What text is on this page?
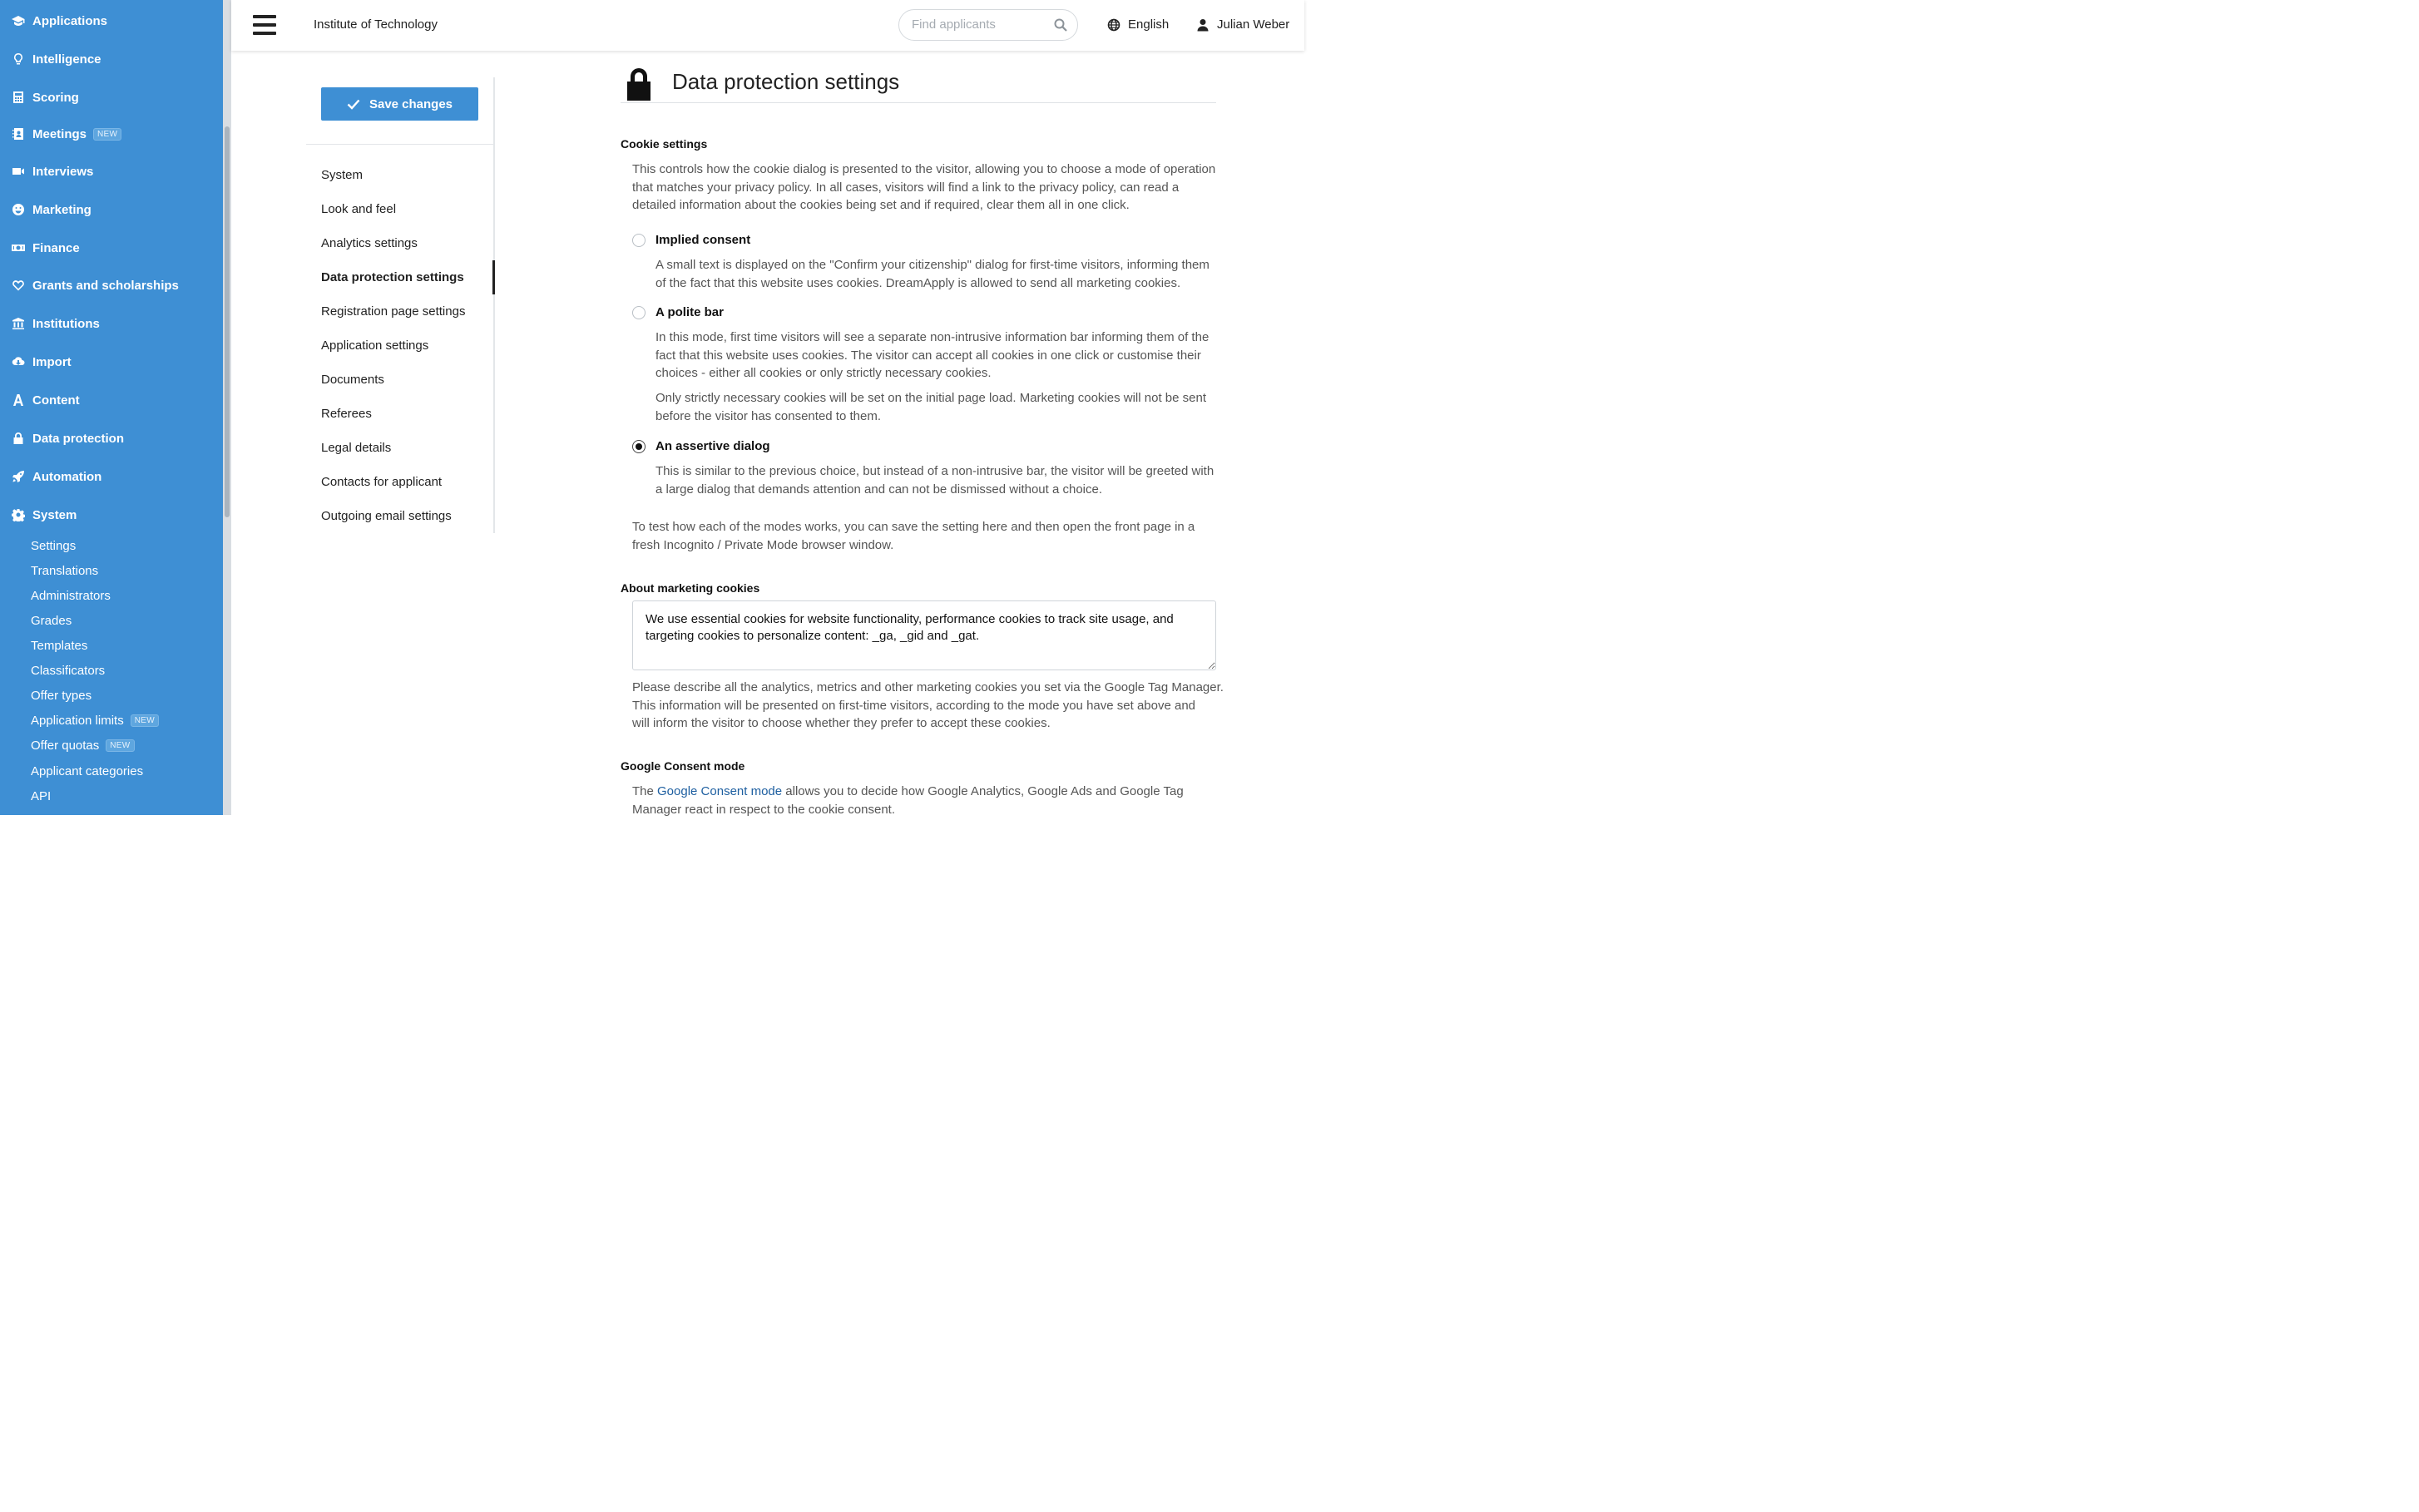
Applications
Intelligence
Scoring
Meetings	NEW
Interviews
Marketing
Finance
Grants and scholarships
Institutions
Import
Content
Data protection
Automation
System
Settings
Translations
Administrators
Grades
Templates
Classificators
Offer types
Application limits	NEW
Offer quotas	NEW
Applicant categories
API
Institute of Technology
Find applicants	English	Julian Weber
Save changes
System
Look and feel
Analytics settings
Data protection settings
Registration page settings
Application settings
Documents
Referees
Legal details
Contacts for applicant
Outgoing email settings
Data protection settings
Cookie settings
This controls how the cookie dialog is presented to the visitor, allowing you to choose a mode of operation
that matches your privacy policy. In all cases, visitors will find a link to the privacy policy, can read a
detailed information about the cookies being set and if required, clear them all in one click.
Implied consent
A small text is displayed on the "Confirm your citizenship" dialog for first-time visitors, informing them
of the fact that this website uses cookies. DreamApply is allowed to send all marketing cookies.
A polite bar
In this mode, first time visitors will see a separate non-intrusive information bar informing them of the
fact that this website uses cookies. The visitor can accept all cookies in one click or customise their
choices - either all cookies or only strictly necessary cookies.
Only strictly necessary cookies will be set on the initial page load. Marketing cookies will not be sent
before the visitor has consented to them.
An assertive dialog
This is similar to the previous choice, but instead of a non-intrusive bar, the visitor will be greeted with
a large dialog that demands attention and can not be dismissed without a choice.
To test how each of the modes works, you can save the setting here and then open the front page in a
fresh Incognito / Private Mode browser window.
About marketing cookies
We use essential cookies for website functionality, performance cookies to track site usage, and targeting cookies to personalize content: _ga, _gid and _gat.
Please describe all the analytics, metrics and other marketing cookies you set via the Google Tag Manager.
This information will be presented on first-time visitors, according to the mode you have set above and
will inform the visitor to choose whether they prefer to accept these cookies.
Google Consent mode
The Google Consent mode allows you to decide how Google Analytics, Google Ads and Google Tag
Manager react in respect to the cookie consent.
